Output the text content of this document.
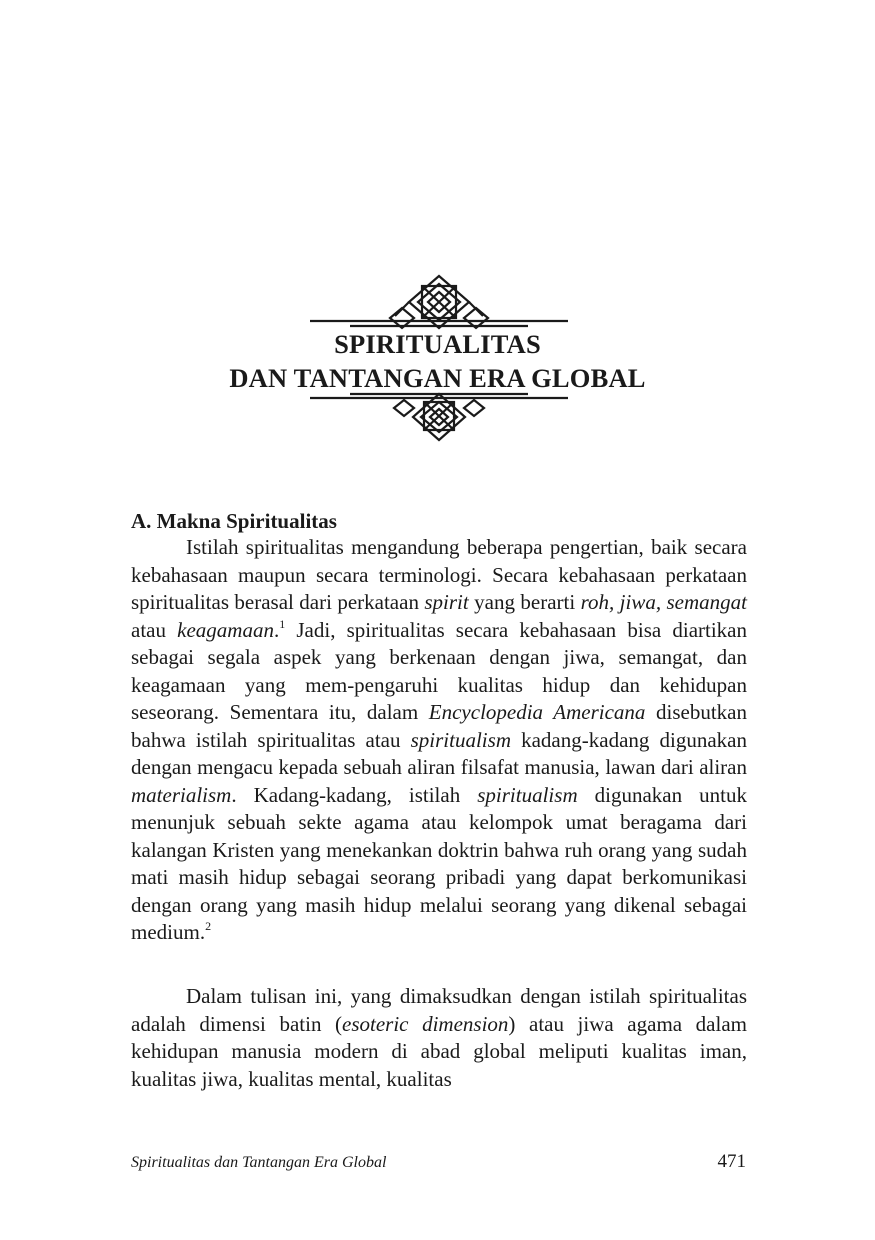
SPIRITUALITAS
DAN TANTANGAN ERA GLOBAL
A. Makna Spiritualitas

Istilah spiritualitas mengandung beberapa pengertian, baik secara kebahasaan maupun secara terminologi. Secara kebahasaan perkataan spiritualitas berasal dari perkataan spirit yang berarti roh, jiwa, semangat atau keagamaan.$^1$ Jadi, spiritualitas secara kebahasaan bisa diartikan sebagai segala aspek yang berkenaan dengan jiwa, semangat, dan keagamaan yang mem-pengaruhi kualitas hidup dan kehidupan seseorang. Sementara itu, dalam Encyclopedia Americana disebutkan bahwa istilah spiritualitas atau spiritualism kadang-kadang digunakan dengan mengacu kepada sebuah aliran filsafat manusia, lawan dari aliran materialism. Kadang-kadang, istilah spiritualism digunakan untuk menunjuk sebuah sekte agama atau kelompok umat beragama dari kalangan Kristen yang menekankan doktrin bahwa ruh orang yang sudah mati masih hidup sebagai seorang pribadi yang dapat berkomunikasi dengan orang yang masih hidup melalui seorang yang dikenal sebagai medium.$^2$

Dalam tulisan ini, yang dimaksudkan dengan istilah spiritualitas adalah dimensi batin (esoteric dimension) atau jiwa agama dalam kehidupan manusia modern di abad global meliputi kualitas iman, kualitas jiwa, kualitas mental, kualitas

Spiritualitas dan Tantangan Era Global	471
